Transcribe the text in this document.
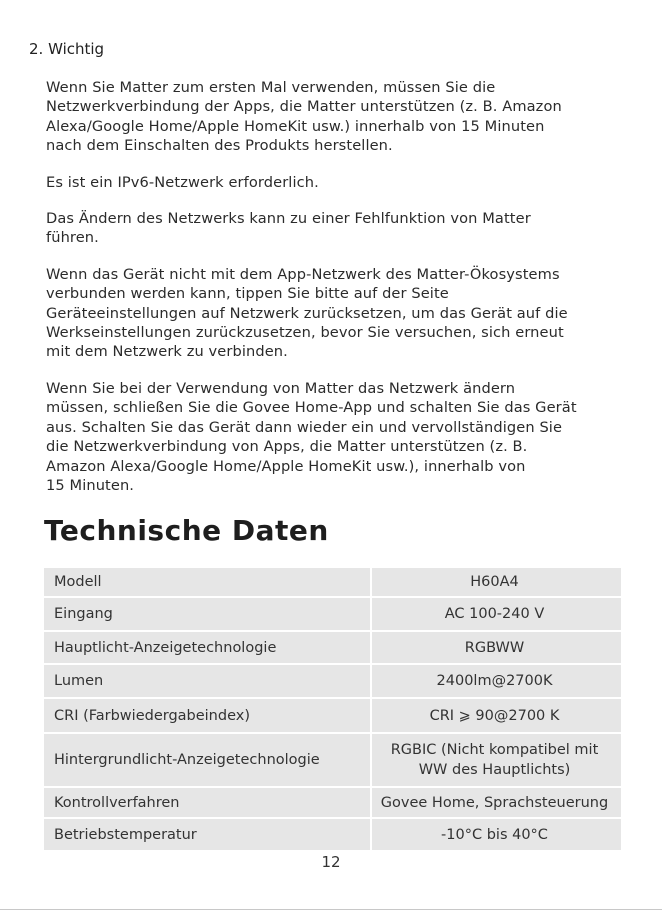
2. Wichtig

Wenn Sie Matter zum ersten Mal verwenden, müssen Sie die
Netzwerkverbindung der Apps, die Matter unterstützen (z. B. Amazon
Alexa/Google Home/Apple HomeKit usw.) innerhalb von 15 Minuten
nach dem Einschalten des Produkts herstellen.

Es ist ein IPv6-Netzwerk erforderlich.

Das Ändern des Netzwerks kann zu einer Fehlfunktion von Matter
führen.

Wenn das Gerät nicht mit dem App-Netzwerk des Matter-Ökosystems
verbunden werden kann, tippen Sie bitte auf der Seite
Geräteeinstellungen auf Netzwerk zurücksetzen, um das Gerät auf die
Werkseinstellungen zurückzusetzen, bevor Sie versuchen, sich erneut
mit dem Netzwerk zu verbinden.

Wenn Sie bei der Verwendung von Matter das Netzwerk ändern
müssen, schließen Sie die Govee Home-App und schalten Sie das Gerät
aus. Schalten Sie das Gerät dann wieder ein und vervollständigen Sie
die Netzwerkverbindung von Apps, die Matter unterstützen (z. B.
Amazon Alexa/Google Home/Apple HomeKit usw.), innerhalb von
15 Minuten.

Technische Daten
Modell	H60A4

Eingang	AC 100-240 V

Hauptlicht-Anzeigetechnologie	RGBWW

Lumen	2400lm@2700K

CRI (Farbwiedergabeindex)	CRI ⩾ 90@2700 K

Hintergrundlicht-Anzeigetechnologie	RGBIC (Nicht kompatibel mit
WW des Hauptlichts)

Kontrollverfahren	Govee Home, Sprachsteuerung

Betriebstemperatur	-10°C bis 40°C
12
